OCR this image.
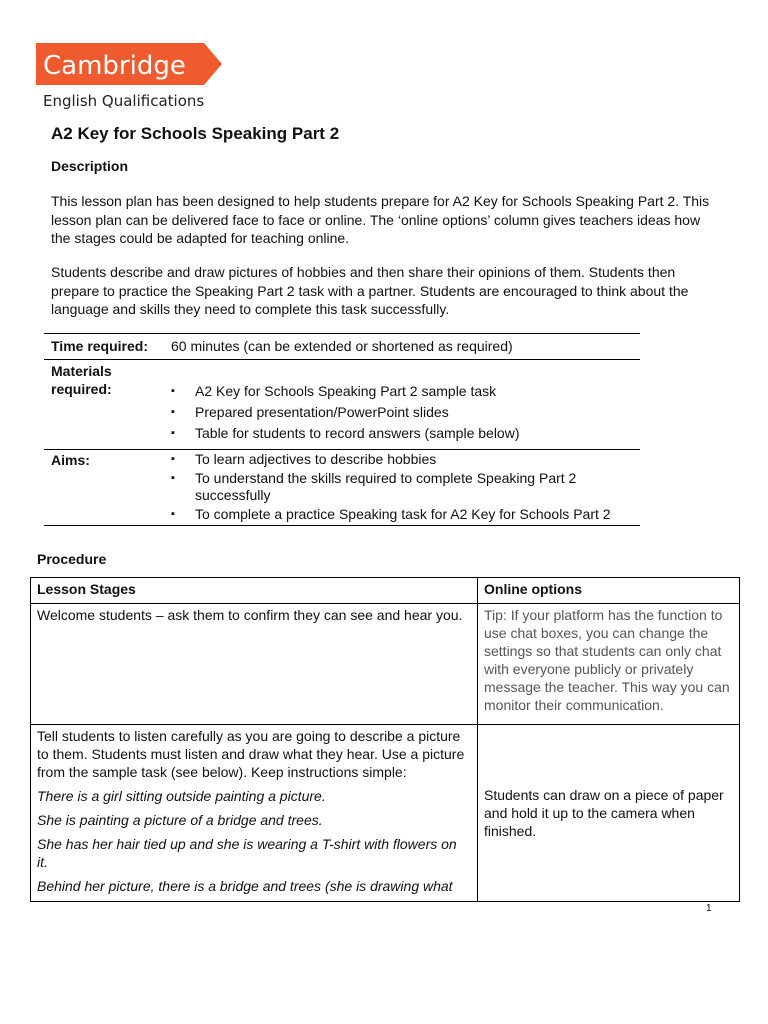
Cambridge
English Qualifications
A2 Key for Schools Speaking Part 2
Description

This lesson plan has been designed to help students prepare for A2 Key for Schools Speaking Part 2. This lesson plan can be delivered face to face or online. The ‘online options’ column gives teachers ideas how the stages could be adapted for teaching online.

Students describe and draw pictures of hobbies and then share their opinions of them. Students then prepare to practice the Speaking Part 2 task with a partner. Students are encouraged to think about the language and skills they need to complete this task successfully.

Time required: 60 minutes (can be extended or shortened as required)
Materials
required:	▪ A2 Key for Schools Speaking Part 2 sample task
▪ Prepared presentation/PowerPoint slides
▪ Table for students to record answers (sample below)
Aims:	▪ To learn adjectives to describe hobbies
▪ To understand the skills required to complete Speaking Part 2 successfully
▪ To complete a practice Speaking task for A2 Key for Schools Part 2
Procedure
Lesson Stages	Online options
Welcome students – ask them to confirm they can see and hear you.	Tip: If your platform has the function to use chat boxes, you can change the settings so that students can only chat with everyone publicly or privately message the teacher. This way you can monitor their communication.

Tell students to listen carefully as you are going to describe a picture to them. Students must listen and draw what they hear. Use a picture from the sample task (see below). Keep instructions simple:

There is a girl sitting outside painting a picture.

She is painting a picture of a bridge and trees.

She has her hair tied up and she is wearing a T-shirt with flowers on it.

Behind her picture, there is a bridge and trees (she is drawing what	Students can draw on a piece of paper and hold it up to the camera when finished.
1
